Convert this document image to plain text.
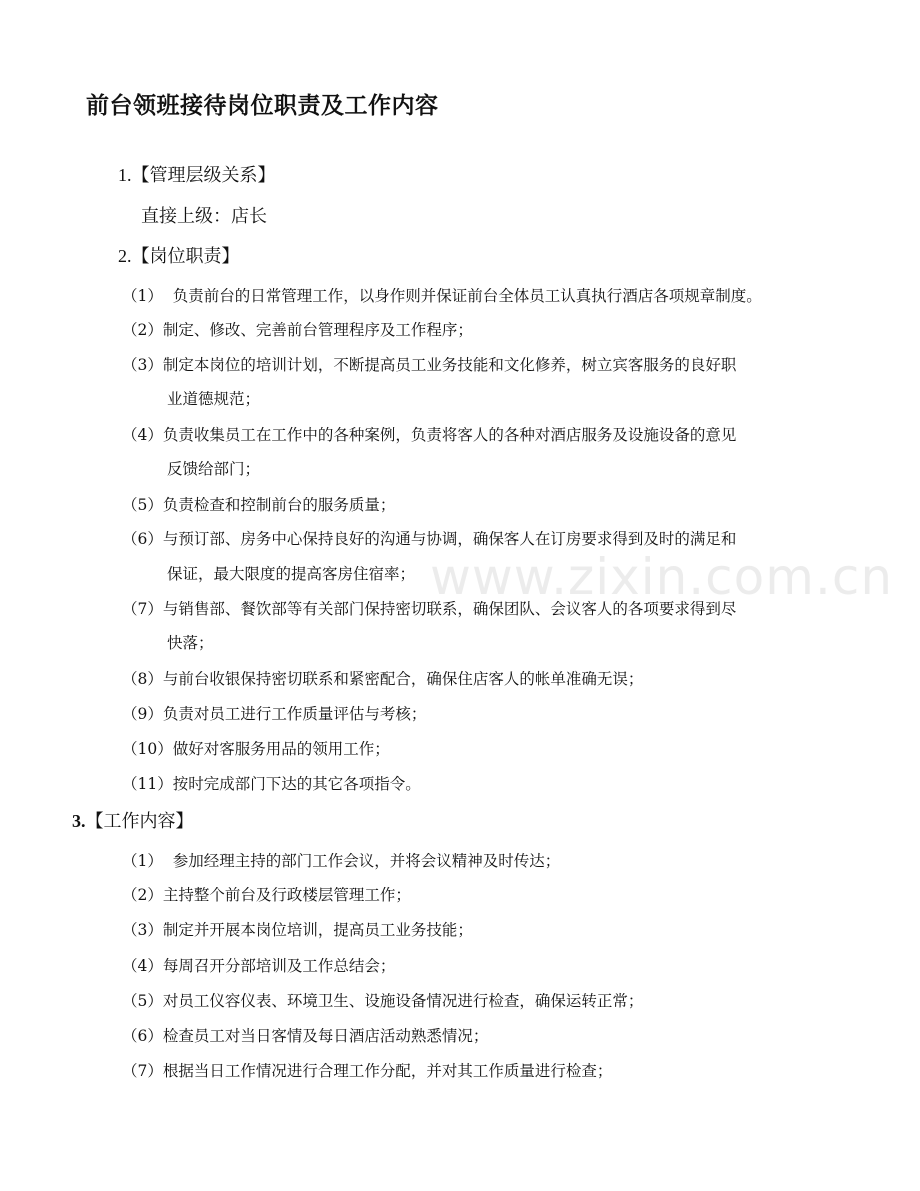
前台领班接待岗位职责及工作内容
1.【管理层级关系】
直接上级：店长
2.【岗位职责】
（1）  负责前台的日常管理工作，以身作则并保证前台全体员工认真执行酒店各项规章制度。
（2）制定、修改、完善前台管理程序及工作程序；
（3）制定本岗位的培训计划，不断提高员工业务技能和文化修养，树立宾客服务的良好职
业道德规范；
（4）负责收集员工在工作中的各种案例，负责将客人的各种对酒店服务及设施设备的意见
反馈给部门；
（5）负责检查和控制前台的服务质量；
（6）与预订部、房务中心保持良好的沟通与协调，确保客人在订房要求得到及时的满足和
保证，最大限度的提高客房住宿率；
（7）与销售部、餐饮部等有关部门保持密切联系，确保团队、会议客人的各项要求得到尽
快落；
（8）与前台收银保持密切联系和紧密配合，确保住店客人的帐单准确无误；
（9）负责对员工进行工作质量评估与考核；
（10）做好对客服务用品的领用工作；
（11）按时完成部门下达的其它各项指令。
3.【工作内容】
（1）  参加经理主持的部门工作会议，并将会议精神及时传达；
（2）主持整个前台及行政楼层管理工作；
（3）制定并开展本岗位培训，提高员工业务技能；
（4）每周召开分部培训及工作总结会；
（5）对员工仪容仪表、环境卫生、设施设备情况进行检查，确保运转正常；
（6）检查员工对当日客情及每日酒店活动熟悉情况；
（7）根据当日工作情况进行合理工作分配，并对其工作质量进行检查；
www.zixin.com.cn
